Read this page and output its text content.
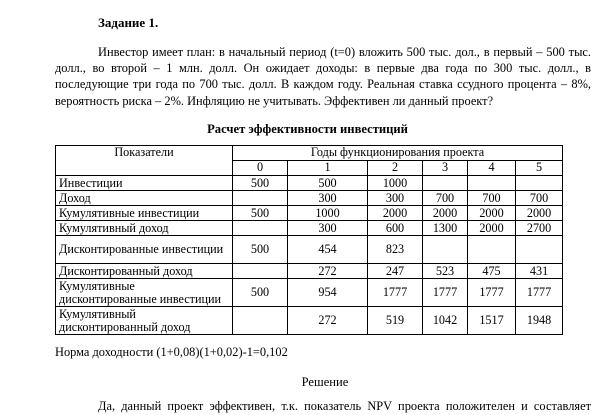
Задание 1.

Инвестор имеет план: в начальный период (t=0) вложить 500 тыс. дол., в первый – 500 тыс. долл., во второй – 1 млн. долл. Он ожидает доходы: в первые два года по 300 тыс. долл., в последующие три года по 700 тыс. долл. В каждом году. Реальная ставка ссудного процента – 8%, вероятность риска – 2%. Инфляцию не учитывать. Эффективен ли данный проект?

Расчет эффективности инвестиций
Показатели	Годы функционирования проекта					
	0	1	2	3	4	5
Инвестиции	500	500	1000			
Доход		300	300	700	700	700
Кумулятивные инвестиции	500	1000	2000	2000	2000	2000
Кумулятивный доход		300	600	1300	2000	2700
Дисконтированные инвестиции	500	454	823			
Дисконтированный доход		272	247	523	475	431
Кумулятивные дисконтированные инвестиции	500	954	1777	1777	1777	1777
Кумулятивный дисконтированный доход		272	519	1042	1517	1948
Норма доходности (1+0,08)(1+0,02)-1=0,102
Решение

Да, данный проект эффективен, т.к. показатель NPV проекта положителен и составляет
